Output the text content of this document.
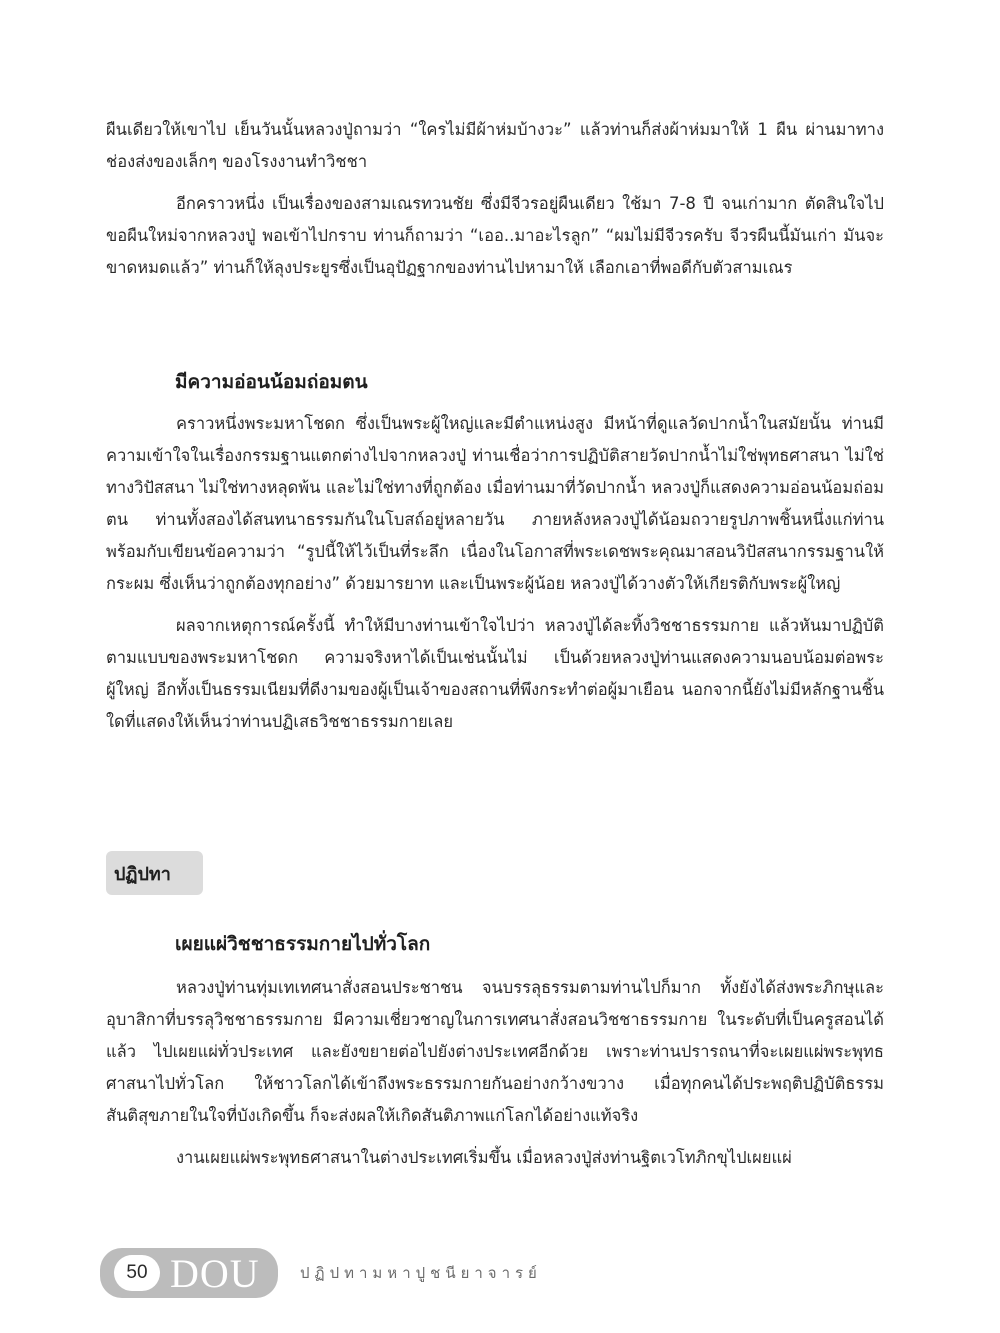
ผืนเดียวให้เขาไป เย็นวันนั้นหลวงปู่ถามว่า “ใครไม่มีผ้าห่มบ้างวะ” แล้วท่านก็ส่งผ้าห่มมาให้ 1 ผืน ผ่านมาทางช่องส่งของเล็กๆ ของโรงงานทำวิชชา

อีกคราวหนึ่ง เป็นเรื่องของสามเณรทวนชัย ซึ่งมีจีวรอยู่ผืนเดียว ใช้มา 7-8 ปี จนเก่ามาก ตัดสินใจไปขอผืนใหม่จากหลวงปู่ พอเข้าไปกราบ ท่านก็ถามว่า “เออ..มาอะไรลูก” “ผมไม่มีจีวรครับ จีวรผืนนี้มันเก่า มันจะขาดหมดแล้ว” ท่านก็ให้ลุงประยูรซึ่งเป็นอุปัฏฐากของท่านไปหามาให้ เลือกเอาที่พอดีกับตัวสามเณร

มีความอ่อนน้อมถ่อมตน

คราวหนึ่งพระมหาโชดก ซึ่งเป็นพระผู้ใหญ่และมีตำแหน่งสูง มีหน้าที่ดูแลวัดปากน้ำในสมัยนั้น ท่านมีความเข้าใจในเรื่องกรรมฐานแตกต่างไปจากหลวงปู่ ท่านเชื่อว่าการปฏิบัติสายวัดปากน้ำไม่ใช่พุทธศาสนา ไม่ใช่ทางวิปัสสนา ไม่ใช่ทางหลุดพ้น และไม่ใช่ทางที่ถูกต้อง เมื่อท่านมาที่วัดปากน้ำ หลวงปู่ก็แสดงความอ่อนน้อมถ่อมตน ท่านทั้งสองได้สนทนาธรรมกันในโบสถ์อยู่หลายวัน ภายหลังหลวงปู่ได้น้อมถวายรูปภาพชิ้นหนึ่งแก่ท่าน พร้อมกับเขียนข้อความว่า “รูปนี้ให้ไว้เป็นที่ระลึก เนื่องในโอกาสที่พระเดชพระคุณมาสอนวิปัสสนากรรมฐานให้กระผม ซึ่งเห็นว่าถูกต้องทุกอย่าง” ด้วยมารยาท และเป็นพระผู้น้อย หลวงปู่ได้วางตัวให้เกียรติกับพระผู้ใหญ่

ผลจากเหตุการณ์ครั้งนี้ ทำให้มีบางท่านเข้าใจไปว่า หลวงปู่ได้ละทิ้งวิชชาธรรมกาย แล้วหันมาปฏิบัติตามแบบของพระมหาโชดก ความจริงหาได้เป็นเช่นนั้นไม่ เป็นด้วยหลวงปู่ท่านแสดงความนอบน้อมต่อพระผู้ใหญ่ อีกทั้งเป็นธรรมเนียมที่ดีงามของผู้เป็นเจ้าของสถานที่พึงกระทำต่อผู้มาเยือน นอกจากนี้ยังไม่มีหลักฐานชิ้นใดที่แสดงให้เห็นว่าท่านปฏิเสธวิชชาธรรมกายเลย

ปฏิปทา
เผยแผ่วิชชาธรรมกายไปทั่วโลก

หลวงปู่ท่านทุ่มเทเทศนาสั่งสอนประชาชน จนบรรลุธรรมตามท่านไปก็มาก ทั้งยังได้ส่งพระภิกษุและอุบาสิกาที่บรรลุวิชชาธรรมกาย มีความเชี่ยวชาญในการเทศนาสั่งสอนวิชชาธรรมกาย ในระดับที่เป็นครูสอนได้แล้ว ไปเผยแผ่ทั่วประเทศ และยังขยายต่อไปยังต่างประเทศอีกด้วย เพราะท่านปรารถนาที่จะเผยแผ่พระพุทธศาสนาไปทั่วโลก ให้ชาวโลกได้เข้าถึงพระธรรมกายกันอย่างกว้างขวาง เมื่อทุกคนได้ประพฤติปฏิบัติธรรม สันติสุขภายในใจที่บังเกิดขึ้น ก็จะส่งผลให้เกิดสันติภาพแก่โลกได้อย่างแท้จริง

งานเผยแผ่พระพุทธศาสนาในต่างประเทศเริ่มขึ้น เมื่อหลวงปู่ส่งท่านฐิตเวโทภิกขุไปเผยแผ่

50 DOU	ปฏิปทามหาปูชนียาจารย์
